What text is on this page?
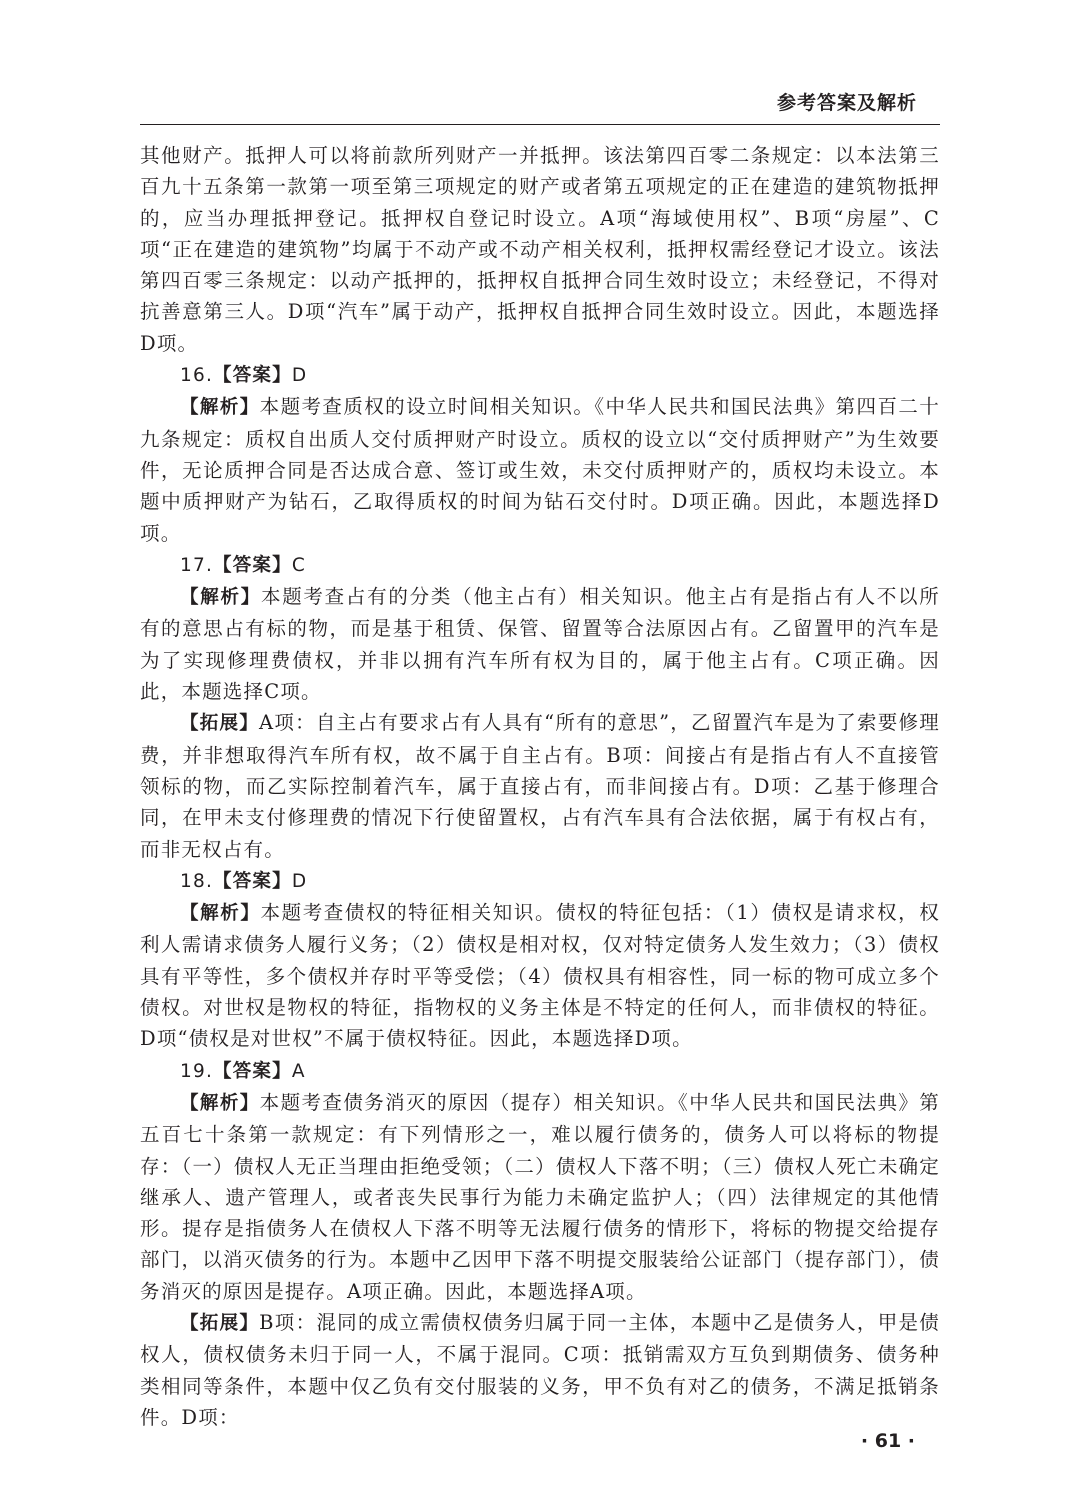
参考答案及解析

其他财产。抵押人可以将前款所列财产一并抵押。该法第四百零二条规定：以本法第三百九十五条第一款第一项至第三项规定的财产或者第五项规定的正在建造的建筑物抵押的，应当办理抵押登记。抵押权自登记时设立。A项“海域使用权”、B项“房屋”、C项“正在建造的建筑物”均属于不动产或不动产相关权利，抵押权需经登记才设立。该法第四百零三条规定：以动产抵押的，抵押权自抵押合同生效时设立；未经登记，不得对抗善意第三人。D项“汽车”属于动产，抵押权自抵押合同生效时设立。因此，本题选择D项。

16.【答案】D

【解析】本题考查质权的设立时间相关知识。《中华人民共和国民法典》第四百二十九条规定：质权自出质人交付质押财产时设立。质权的设立以“交付质押财产”为生效要件，无论质押合同是否达成合意、签订或生效，未交付质押财产的，质权均未设立。本题中质押财产为钻石，乙取得质权的时间为钻石交付时。D项正确。因此，本题选择D项。

17.【答案】C

【解析】本题考查占有的分类（他主占有）相关知识。他主占有是指占有人不以所有的意思占有标的物，而是基于租赁、保管、留置等合法原因占有。乙留置甲的汽车是为了实现修理费债权，并非以拥有汽车所有权为目的，属于他主占有。C项正确。因此，本题选择C项。

【拓展】A项：自主占有要求占有人具有“所有的意思”，乙留置汽车是为了索要修理费，并非想取得汽车所有权，故不属于自主占有。B项：间接占有是指占有人不直接管领标的物，而乙实际控制着汽车，属于直接占有，而非间接占有。D项：乙基于修理合同，在甲未支付修理费的情况下行使留置权，占有汽车具有合法依据，属于有权占有，而非无权占有。

18.【答案】D

【解析】本题考查债权的特征相关知识。债权的特征包括：（1）债权是请求权，权利人需请求债务人履行义务；（2）债权是相对权，仅对特定债务人发生效力；（3）债权具有平等性，多个债权并存时平等受偿；（4）债权具有相容性，同一标的物可成立多个债权。对世权是物权的特征，指物权的义务主体是不特定的任何人，而非债权的特征。D项“债权是对世权”不属于债权特征。因此，本题选择D项。

19.【答案】A

【解析】本题考查债务消灭的原因（提存）相关知识。《中华人民共和国民法典》第五百七十条第一款规定：有下列情形之一，难以履行债务的，债务人可以将标的物提存：（一）债权人无正当理由拒绝受领；（二）债权人下落不明；（三）债权人死亡未确定继承人、遗产管理人，或者丧失民事行为能力未确定监护人；（四）法律规定的其他情形。提存是指债务人在债权人下落不明等无法履行债务的情形下，将标的物提交给提存部门，以消灭债务的行为。本题中乙因甲下落不明提交服装给公证部门（提存部门），债务消灭的原因是提存。A项正确。因此，本题选择A项。

【拓展】B项：混同的成立需债权债务归属于同一主体，本题中乙是债务人，甲是债权人，债权债务未归于同一人，不属于混同。C项：抵销需双方互负到期债务、债务种类相同等条件，本题中仅乙负有交付服装的义务，甲不负有对乙的债务，不满足抵销条件。D项：

· 61 ·
